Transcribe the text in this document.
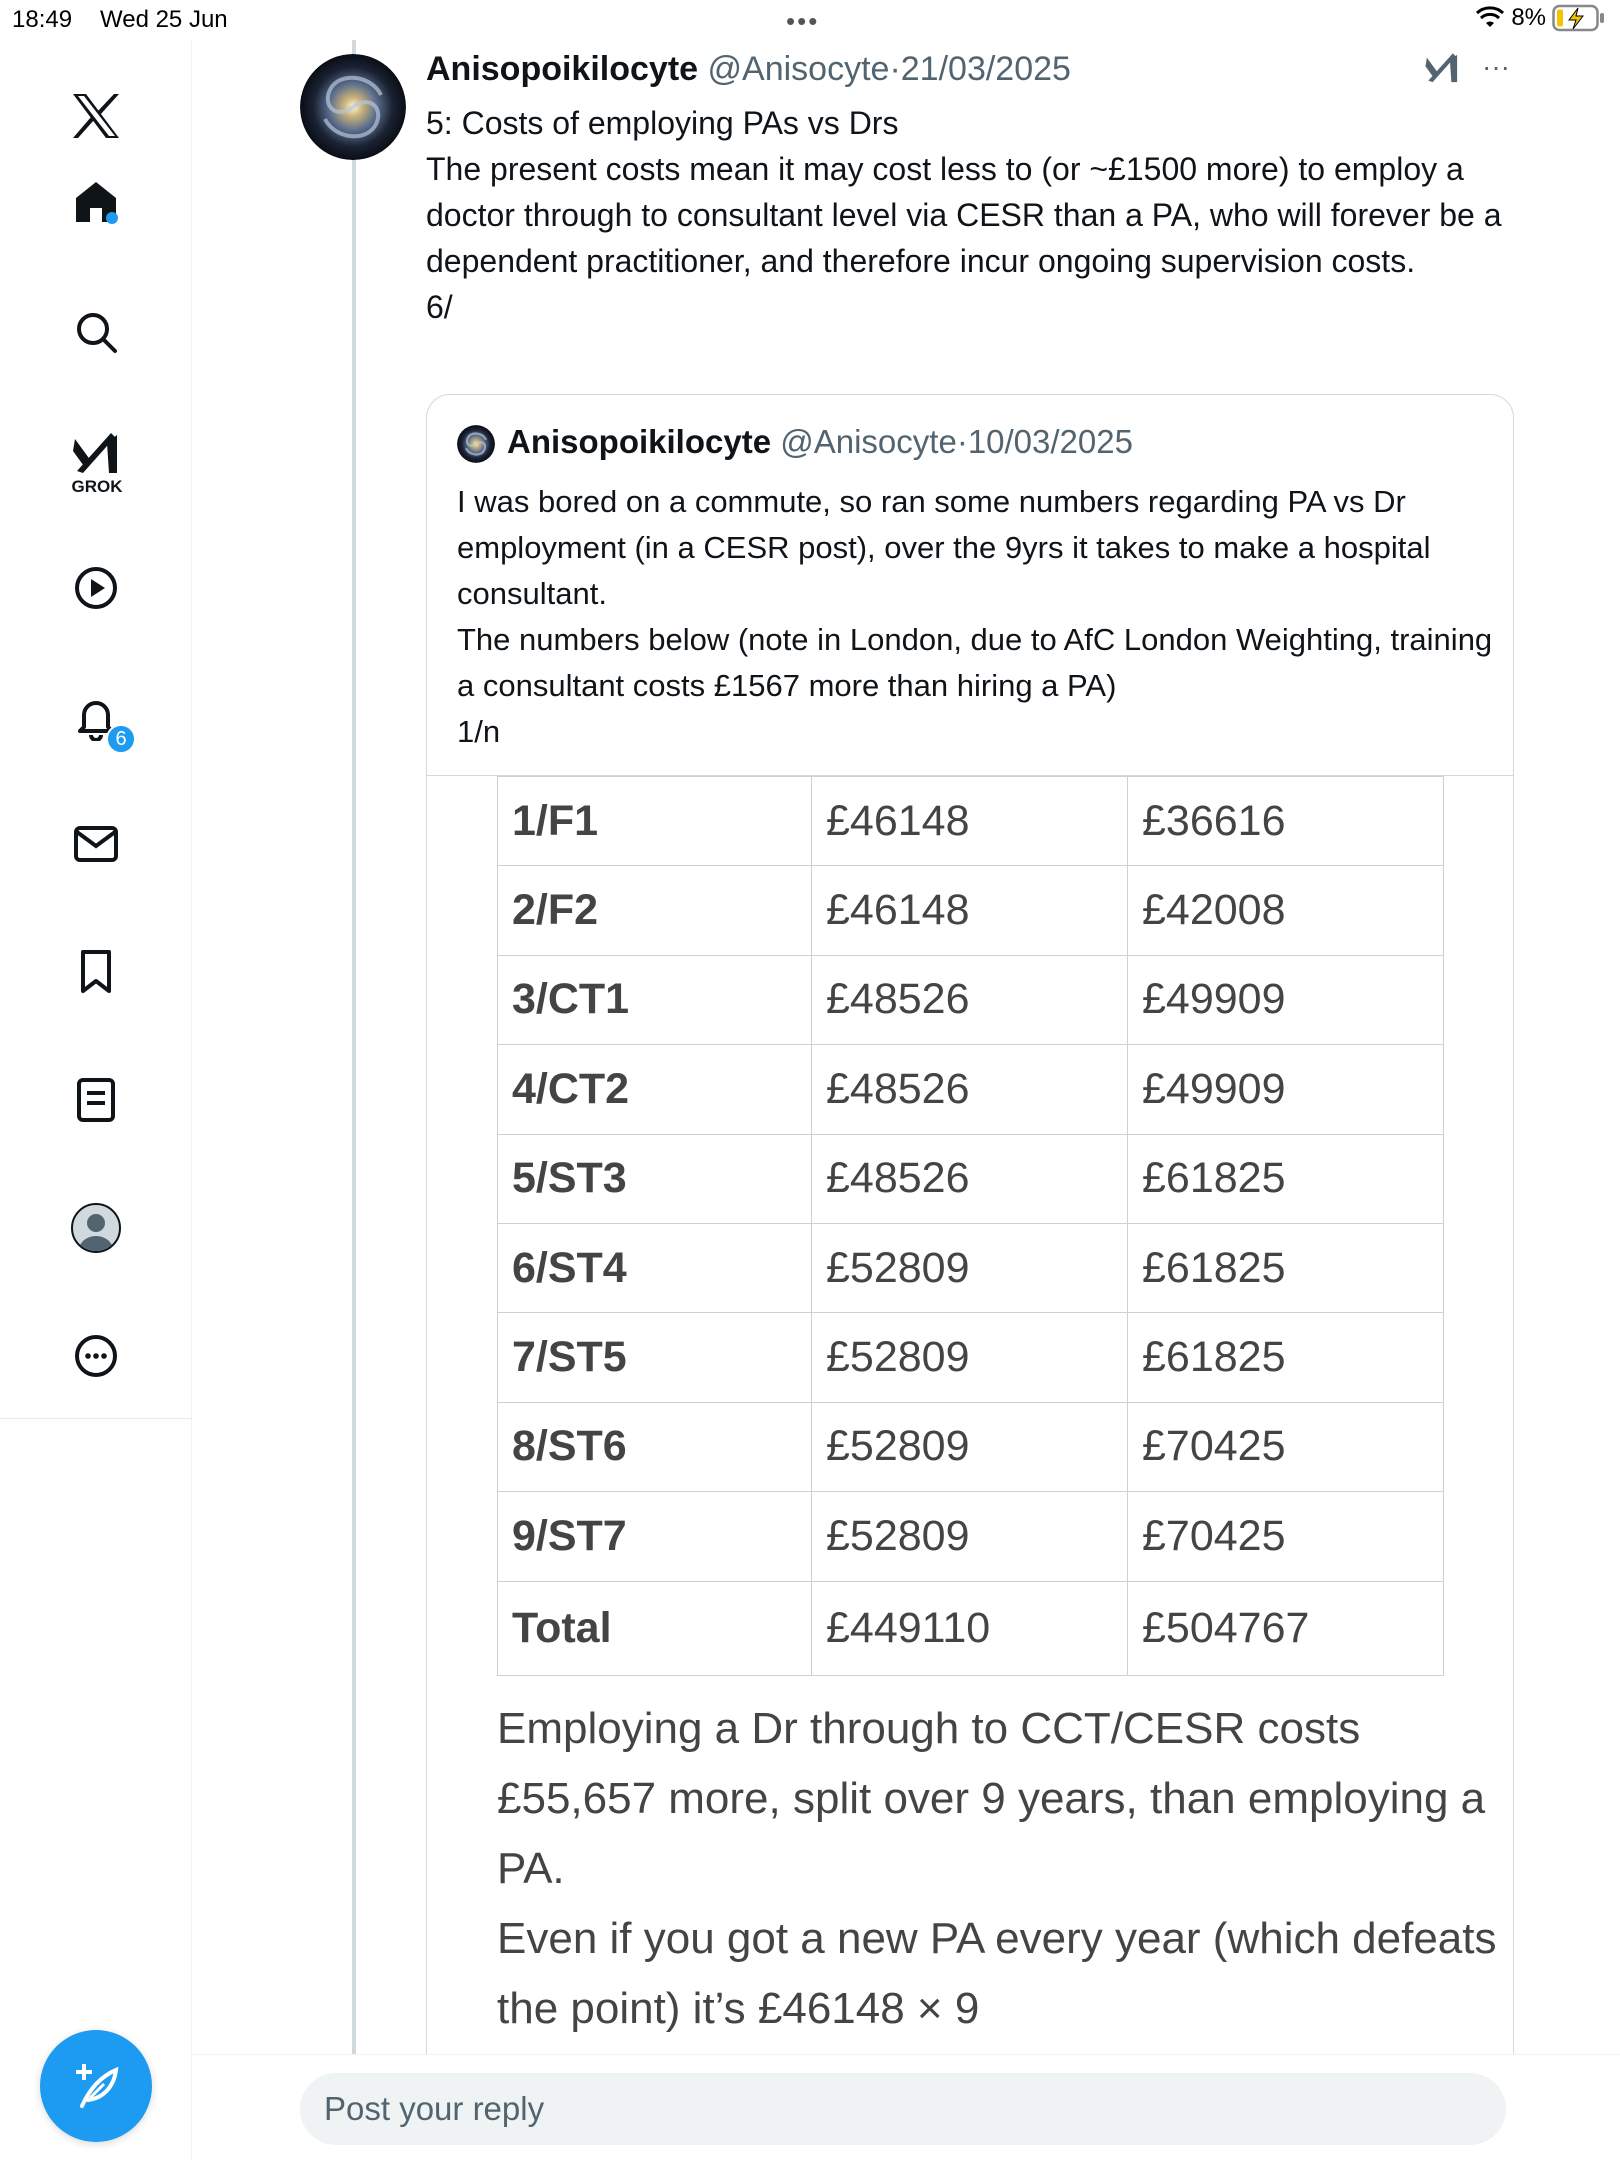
18:49 Wed 25 Jun	•••	8%
GROK
6
Anisopoikilocyte @Anisocyte·21/03/2025	···

5: Costs of employing PAs vs Drs

The present costs mean it may cost less to (or ~£1500 more) to employ a doctor through to consultant level via CESR than a PA, who will forever be a dependent practitioner, and therefore incur ongoing supervision costs.

6/

Anisopoikilocyte @Anisocyte·10/03/2025

I was bored on a commute, so ran some numbers regarding PA vs Dr employment (in a CESR post), over the 9yrs it takes to make a hospital consultant.

The numbers below (note in London, due to AfC London Weighting, training a consultant costs £1567 more than hiring a PA)

1/n

1/F1	£46148	£36616
2/F2	£46148	£42008
3/CT1	£48526	£49909
4/CT2	£48526	£49909
5/ST3	£48526	£61825
6/ST4	£52809	£61825
7/ST5	£52809	£61825
8/ST6	£52809	£70425
9/ST7	£52809	£70425
Total	£449110	£504767

Employing a Dr through to CCT/CESR costs £55,657 more, split over 9 years, than employing a PA.

Even if you got a new PA every year (which defeats the point) it’s £46148 × 9

Post your reply
